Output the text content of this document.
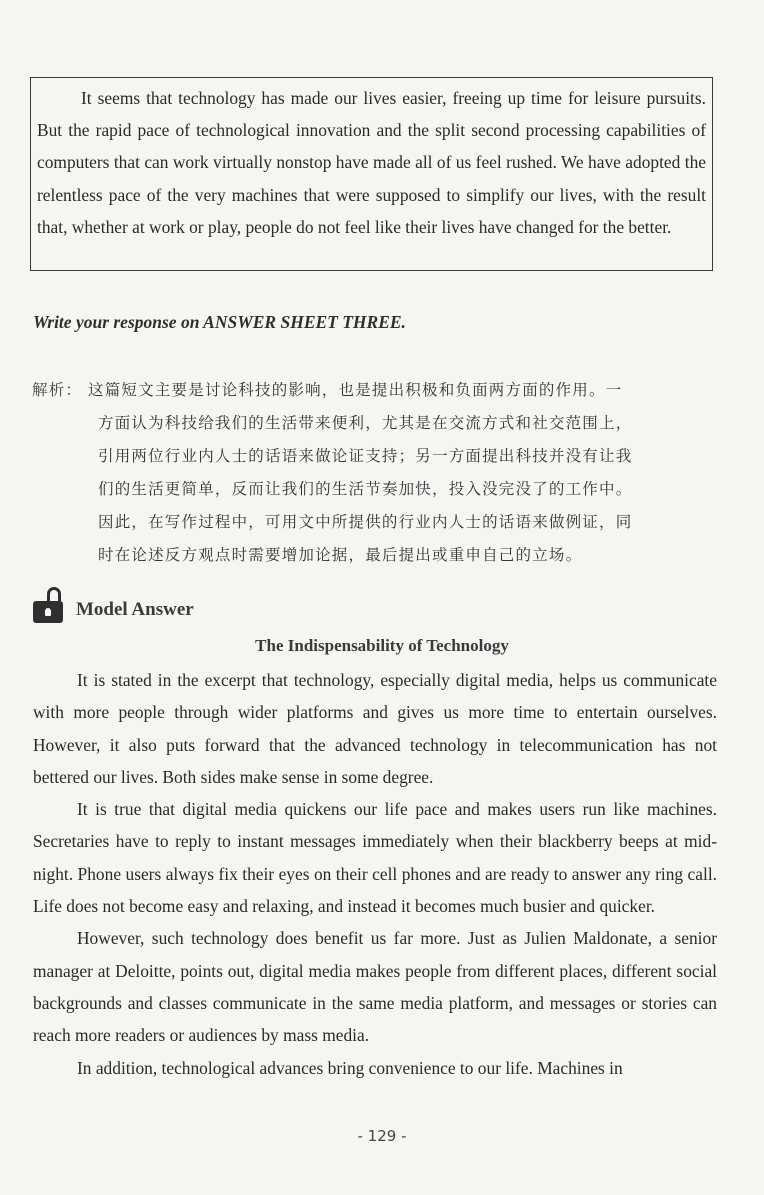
It seems that technology has made our lives easier, freeing up time for leisure pursuits. But the rapid pace of technological innovation and the split second processing capabilities of computers that can work virtually nonstop have made all of us feel rushed. We have adopted the relentless pace of the very machines that were supposed to simplify our lives, with the result that, whether at work or play, people do not feel like their lives have changed for the better.

Write your response on ANSWER SHEET THREE.
解析： 这篇短文主要是讨论科技的影响，也是提出积极和负面两方面的作用。一
方面认为科技给我们的生活带来便利，尤其是在交流方式和社交范围上，
引用两位行业内人士的话语来做论证支持；另一方面提出科技并没有让我
们的生活更简单，反而让我们的生活节奏加快，投入没完没了的工作中。
因此，在写作过程中，可用文中所提供的行业内人士的话语来做例证，同
时在论述反方观点时需要增加论据，最后提出或重申自己的立场。
Model Answer
The Indispensability of Technology

It is stated in the excerpt that technology, especially digital media, helps us communicate with more people through wider platforms and gives us more time to entertain ourselves. However, it also puts forward that the advanced technology in telecommunication has not bettered our lives. Both sides make sense in some degree.

It is true that digital media quickens our life pace and makes users run like machines. Secretaries have to reply to instant messages immediately when their blackberry beeps at mid-night. Phone users always fix their eyes on their cell phones and are ready to answer any ring call. Life does not become easy and relaxing, and instead it becomes much busier and quicker.

However, such technology does benefit us far more. Just as Julien Maldonate, a senior manager at Deloitte, points out, digital media makes people from different places, different social backgrounds and classes communicate in the same media platform, and messages or stories can reach more readers or audiences by mass media.

In addition, technological advances bring convenience to our life. Machines in

- 129 -
